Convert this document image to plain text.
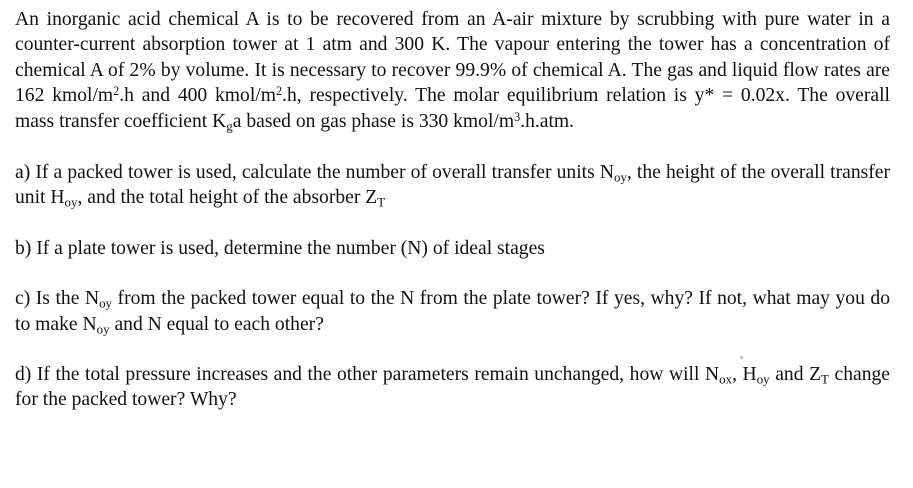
An inorganic acid chemical A is to be recovered from an A-air mixture by scrubbing with pure water in a counter-current absorption tower at 1 atm and 300 K. The vapour entering the tower has a concentration of chemical A of 2% by volume. It is necessary to recover 99.9% of chemical A. The gas and liquid flow rates are 162 kmol/$m^2.h$ and 400 kmol/$m^2.h$, respectively. The molar equilibrium relation is y* = 0.02x. The overall mass transfer coefficient $K_ga$ based on gas phase is 330 kmol/$m^3.h.atm$.

a) If a packed tower is used, calculate the number of overall transfer units $N_{oy}$, the height of the overall transfer unit $H_{oy}$, and the total height of the absorber $Z_T$

b) If a plate tower is used, determine the number (N) of ideal stages

c) Is the $N_{oy}$ from the packed tower equal to the N from the plate tower? If yes, why? If not, what may you do to make $N_{oy}$ and N equal to each other?

d) If the total pressure increases and the other parameters remain unchanged, how will $N_{ox}$, $H_{oy}$ and $Z_T$ change for the packed tower? Why?
